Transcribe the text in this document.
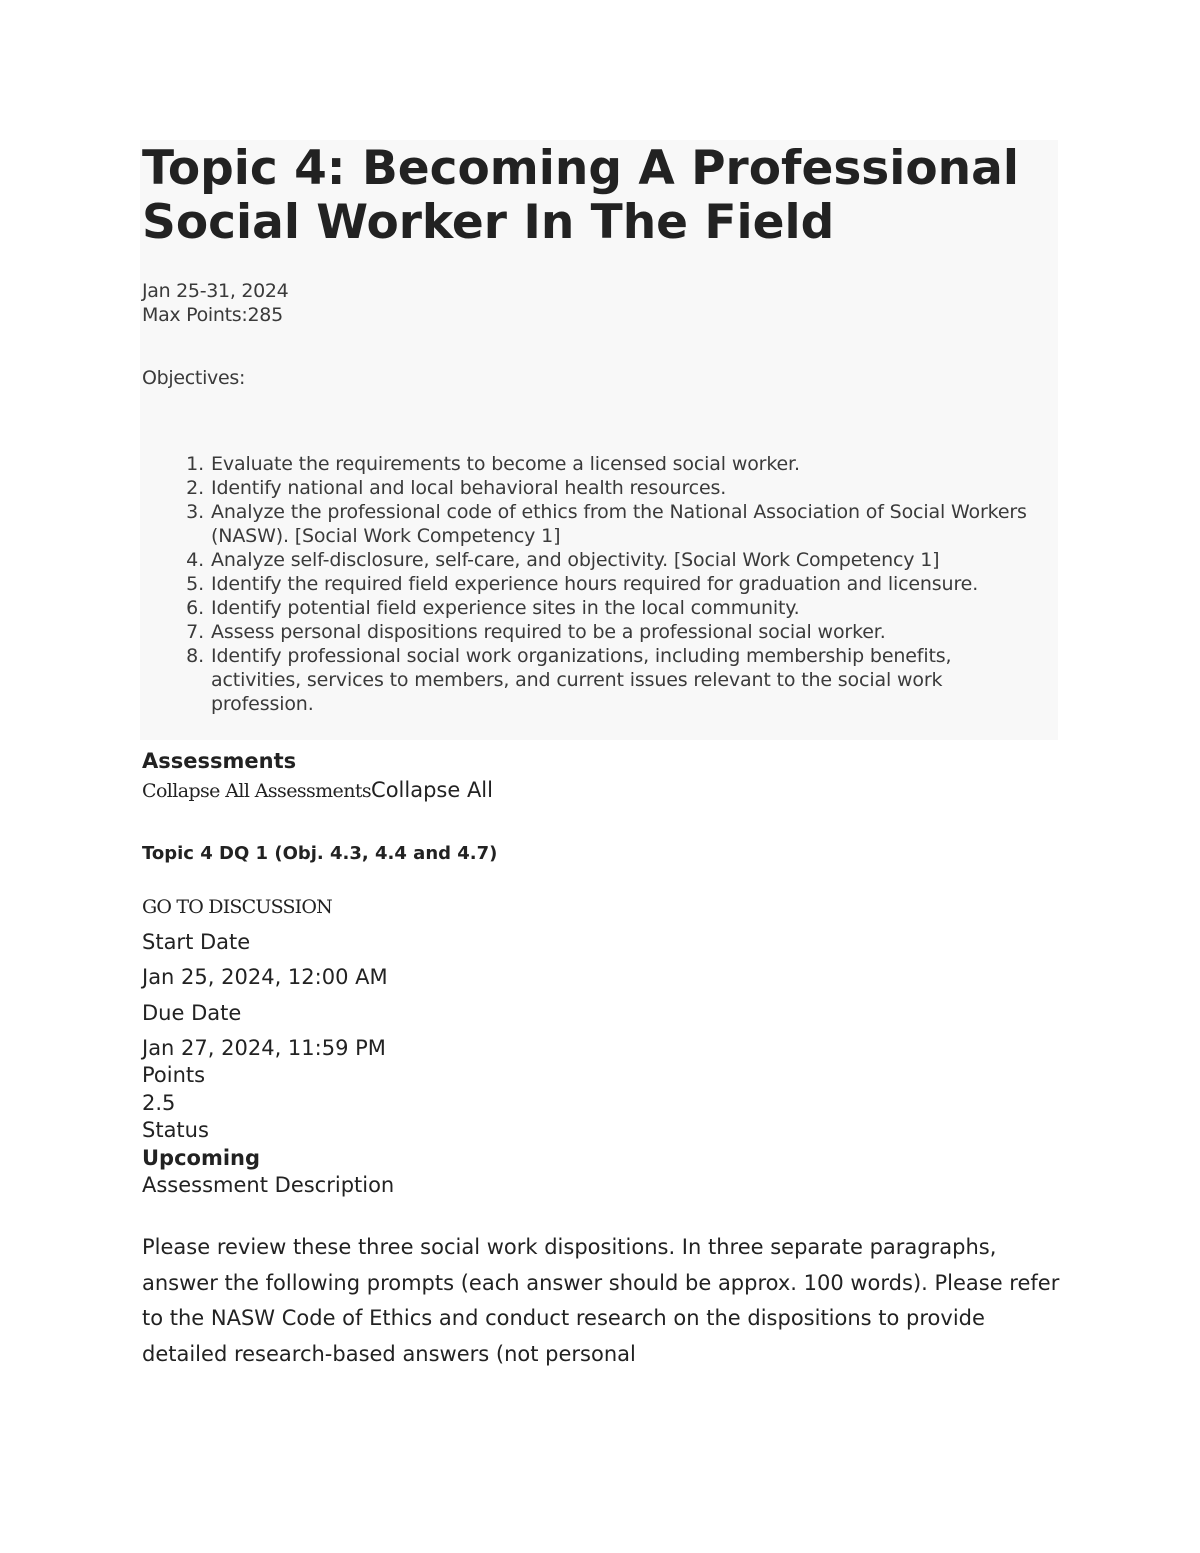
Topic 4: Becoming A Professional Social Worker In The Field

Jan 25-31, 2024

Max Points:285

Objectives:

1. Evaluate the requirements to become a licensed social worker.
2. Identify national and local behavioral health resources.
3. Analyze the professional code of ethics from the National Association of Social Workers (NASW). [Social Work Competency 1]
4. Analyze self-disclosure, self-care, and objectivity. [Social Work Competency 1]
5. Identify the required field experience hours required for graduation and licensure.
6. Identify potential field experience sites in the local community.
7. Assess personal dispositions required to be a professional social worker.
8. Identify professional social work organizations, including membership benefits, activities, services to members, and current issues relevant to the social work profession.
Assessments
Collapse All AssessmentsCollapse All
Topic 4 DQ 1 (Obj. 4.3, 4.4 and 4.7)
GO TO DISCUSSION

Start Date

Jan 25, 2024, 12:00 AM

Due Date

Jan 27, 2024, 11:59 PM

Points

2.5

Status

Upcoming

Assessment Description

Please review these three social work dispositions. In three separate paragraphs, answer the following prompts (each answer should be approx. 100 words). Please refer to the NASW Code of Ethics and conduct research on the dispositions to provide detailed research-based answers (not personal
